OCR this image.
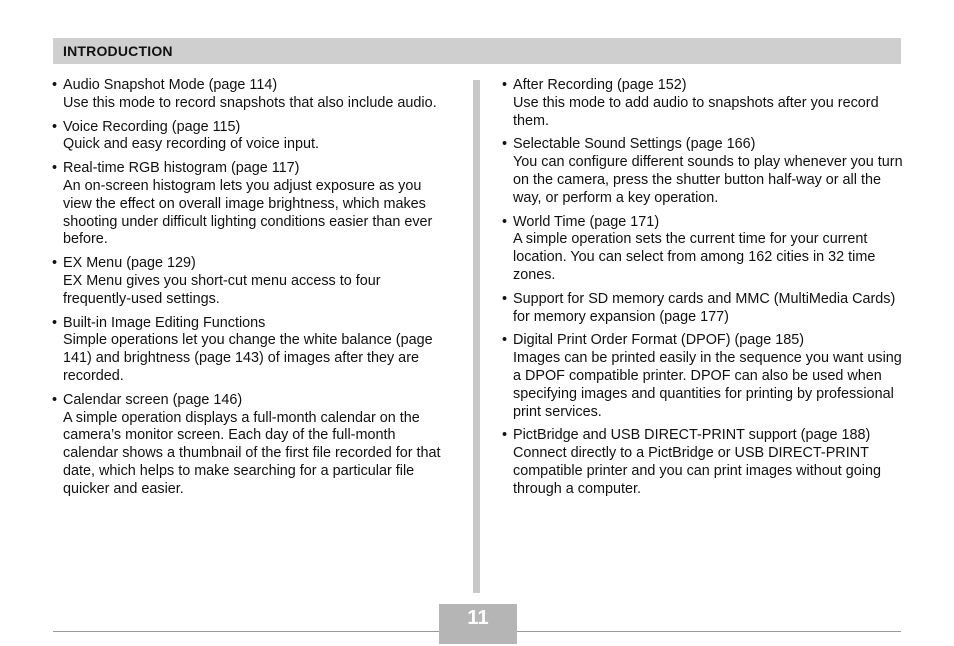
INTRODUCTION
• Audio Snapshot Mode (page 114)
Use this mode to record snapshots that also include audio.
• Voice Recording (page 115)
Quick and easy recording of voice input.
• Real-time RGB histogram (page 117)
An on-screen histogram lets you adjust exposure as you view the effect on overall image brightness, which makes shooting under difficult lighting conditions easier than ever before.
• EX Menu (page 129)
EX Menu gives you short-cut menu access to four frequently-used settings.
• Built-in Image Editing Functions
Simple operations let you change the white balance (page 141) and brightness (page 143) of images after they are recorded.
• Calendar screen (page 146)
A simple operation displays a full-month calendar on the camera’s monitor screen. Each day of the full-month calendar shows a thumbnail of the first file recorded for that date, which helps to make searching for a particular file quicker and easier.
• After Recording (page 152)
Use this mode to add audio to snapshots after you record them.
• Selectable Sound Settings (page 166)
You can configure different sounds to play whenever you turn on the camera, press the shutter button half-way or all the way, or perform a key operation.
• World Time (page 171)
A simple operation sets the current time for your current location. You can select from among 162 cities in 32 time zones.
• Support for SD memory cards and MMC (MultiMedia Cards) for memory expansion (page 177)
• Digital Print Order Format (DPOF) (page 185)
Images can be printed easily in the sequence you want using a DPOF compatible printer. DPOF can also be used when specifying images and quantities for printing by professional print services.
• PictBridge and USB DIRECT-PRINT support (page 188)
Connect directly to a PictBridge or USB DIRECT-PRINT compatible printer and you can print images without going through a computer.
11
